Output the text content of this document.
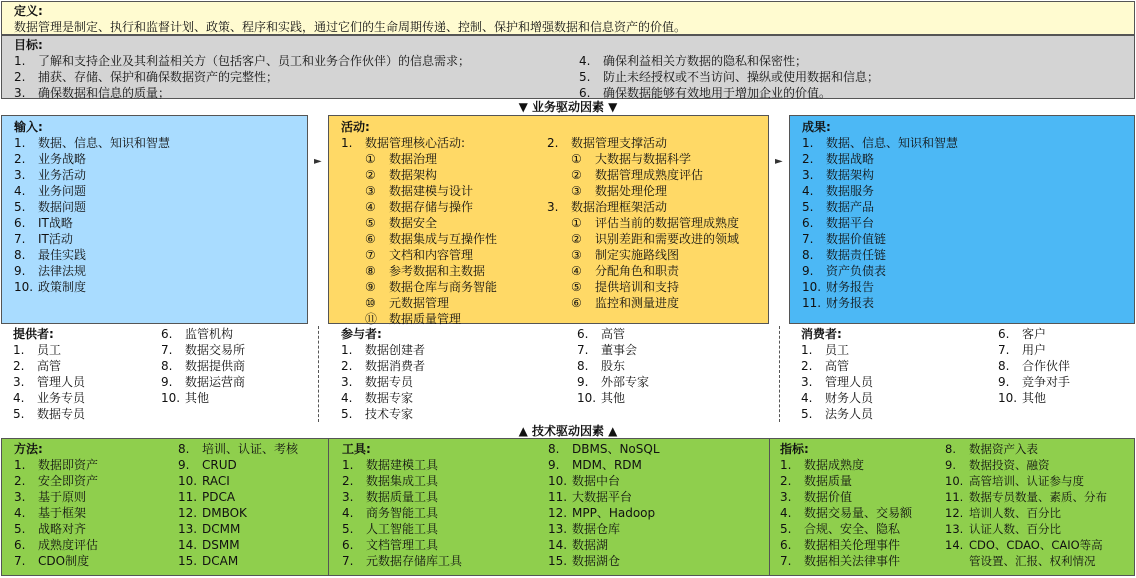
定义:
数据管理是制定、执行和监督计划、政策、程序和实践，通过它们的生命周期传递、控制、保护和增强数据和信息资产的价值。
目标:
1. 了解和支持企业及其利益相关方（包括客户、员工和业务合作伙伴）的信息需求；
2. 捕获、存储、保护和确保数据资产的完整性；
3. 确保数据和信息的质量；
4. 确保利益相关方数据的隐私和保密性；
5. 防止未经授权或不当访问、操纵或使用数据和信息；
6. 确保数据能够有效地用于增加企业的价值。
▼ 业务驱动因素 ▼
输入:
1. 数据、信息、知识和智慧
2. 业务战略
3. 业务活动
4. 业务问题
5. 数据问题
6. IT战略
7. IT活动
8. 最佳实践
9. 法律法规
10. 政策制度
►
活动:
1. 数据管理核心活动:
① 数据治理
② 数据架构
③ 数据建模与设计
④ 数据存储与操作
⑤ 数据安全
⑥ 数据集成与互操作性
⑦ 文档和内容管理
⑧ 参考数据和主数据
⑨ 数据仓库与商务智能
⑩ 元数据管理
⑪ 数据质量管理
2. 数据管理支撑活动
① 大数据与数据科学
② 数据管理成熟度评估
③ 数据处理伦理
3. 数据治理框架活动
① 评估当前的数据管理成熟度
② 识别差距和需要改进的领域
③ 制定实施路线图
④ 分配角色和职责
⑤ 提供培训和支持
⑥ 监控和测量进度
►
成果:
1. 数据、信息、知识和智慧
2. 数据战略
3. 数据架构
4. 数据服务
5. 数据产品
6. 数据平台
7. 数据价值链
8. 数据责任链
9. 资产负债表
10. 财务报告
11. 财务报表
提供者:
1. 员工
2. 高管
3. 管理人员
4. 业务专员
5. 数据专员
6. 监管机构
7. 数据交易所
8. 数据提供商
9. 数据运营商
10. 其他
参与者:
1. 数据创建者
2. 数据消费者
3. 数据专员
4. 数据专家
5. 技术专家
6. 高管
7. 董事会
8. 股东
9. 外部专家
10. 其他
消费者:
1. 员工
2. 高管
3. 管理人员
4. 财务人员
5. 法务人员
6. 客户
7. 用户
8. 合作伙伴
9. 竞争对手
10. 其他
▲ 技术驱动因素 ▲
方法:
1. 数据即资产
2. 安全即资产
3. 基于原则
4. 基于框架
5. 战略对齐
6. 成熟度评估
7. CDO制度
8. 培训、认证、考核
9. CRUD
10. RACI
11. PDCA
12. DMBOK
13. DCMM
14. DSMM
15. DCAM
工具:
1. 数据建模工具
2. 数据集成工具
3. 数据质量工具
4. 商务智能工具
5. 人工智能工具
6. 文档管理工具
7. 元数据存储库工具
8. DBMS、NoSQL
9. MDM、RDM
10. 数据中台
11. 大数据平台
12. MPP、Hadoop
13. 数据仓库
14. 数据湖
15. 数据湖仓
指标:
1. 数据成熟度
2. 数据质量
3. 数据价值
4. 数据交易量、交易额
5. 合规、安全、隐私
6. 数据相关伦理事件
7. 数据相关法律事件
8. 数据资产入表
9. 数据投资、融资
10. 高管培训、认证参与度
11. 数据专员数量、素质、分布
12. 培训人数、百分比
13. 认证人数、百分比
14. CDO、CDAO、CAIO等高
管设置、汇报、权利情况
